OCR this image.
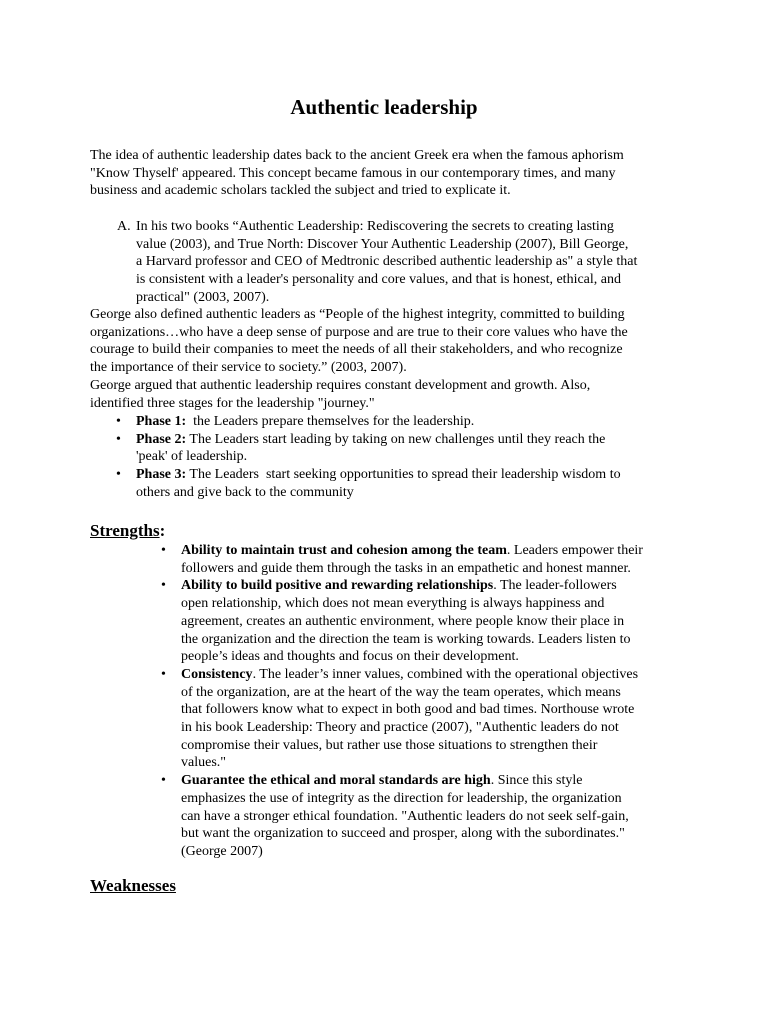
Authentic leadership
The idea of authentic leadership dates back to the ancient Greek era when the famous aphorism
"Know Thyself' appeared. This concept became famous in our contemporary times, and many
business and academic scholars tackled the subject and tried to explicate it.
A. In his two books “Authentic Leadership: Rediscovering the secrets to creating lasting
value (2003), and True North: Discover Your Authentic Leadership (2007), Bill George,
a Harvard professor and CEO of Medtronic described authentic leadership as" a style that
is consistent with a leader's personality and core values, and that is honest, ethical, and
practical" (2003, 2007).
George also defined authentic leaders as “People of the highest integrity, committed to building
organizations…who have a deep sense of purpose and are true to their core values who have the
courage to build their companies to meet the needs of all their stakeholders, and who recognize
the importance of their service to society.” (2003, 2007).
George argued that authentic leadership requires constant development and growth. Also,
identified three stages for the leadership "journey."
• Phase 1:  the Leaders prepare themselves for the leadership.
• Phase 2: The Leaders start leading by taking on new challenges until they reach the
'peak' of leadership.
• Phase 3: The Leaders  start seeking opportunities to spread their leadership wisdom to
others and give back to the community
Strengths:
• Ability to maintain trust and cohesion among the team. Leaders empower their
followers and guide them through the tasks in an empathetic and honest manner.
• Ability to build positive and rewarding relationships. The leader-followers
open relationship, which does not mean everything is always happiness and
agreement, creates an authentic environment, where people know their place in
the organization and the direction the team is working towards. Leaders listen to
people’s ideas and thoughts and focus on their development.
• Consistency. The leader’s inner values, combined with the operational objectives
of the organization, are at the heart of the way the team operates, which means
that followers know what to expect in both good and bad times. Northouse wrote
in his book Leadership: Theory and practice (2007), "Authentic leaders do not
compromise their values, but rather use those situations to strengthen their
values."
• Guarantee the ethical and moral standards are high. Since this style
emphasizes the use of integrity as the direction for leadership, the organization
can have a stronger ethical foundation. "Authentic leaders do not seek self-gain,
but want the organization to succeed and prosper, along with the subordinates."
(George 2007)
Weaknesses
